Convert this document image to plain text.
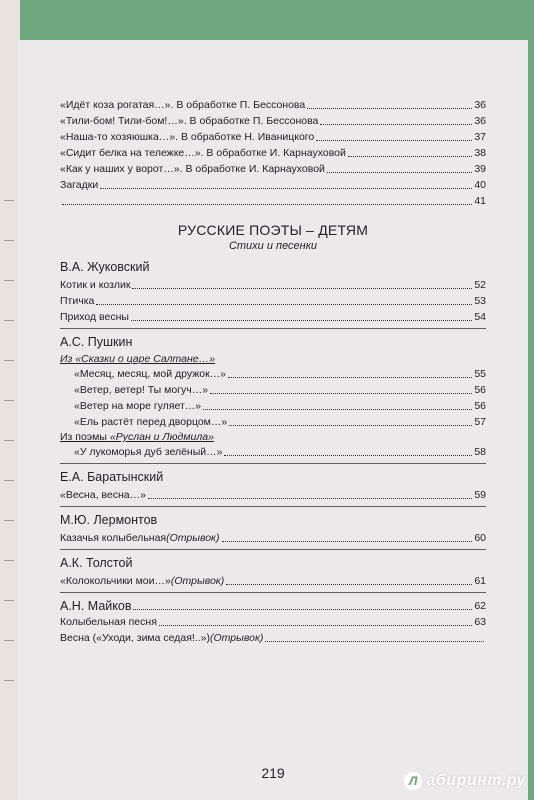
«Идёт коза рогатая…». В обработке П. Бессонова	36
«Тили-бом! Тили-бом!…». В обработке П. Бессонова	36
«Наша-то хозяюшка…». В обработке Н. Иваницкого	37
«Сидит белка на тележке…». В обработке И. Карнауховой	38
«Как у наших у ворот…». В обработке И. Карнауховой	39
Загадки	40
41
РУССКИЕ ПОЭТЫ – ДЕТЯМ
Стихи и песенки
В.А. Жуковский
Котик и козлик	52
Птичка	53
Приход весны	54
А.С. Пушкин
Из «Сказки о царе Салтане…»
«Месяц, месяц, мой дружок…»	55
«Ветер, ветер! Ты могуч…»	56
«Ветер на море гуляет…»	56
«Ель растёт перед дворцом…»	57
Из поэмы «Руслан и Людмила»
«У лукоморья дуб зелёный…»	58
Е.А. Баратынский
«Весна, весна…»	59
М.Ю. Лермонтов
Казачья колыбельная (Отрывок)	60
А.К. Толстой
«Колокольчики мои…» (Отрывок)	61
А.Н. Майков	62
Колыбельная песня	63
Весна («Уходи, зима седая!..») (Отрывок)
219	Л абиринт.ру
